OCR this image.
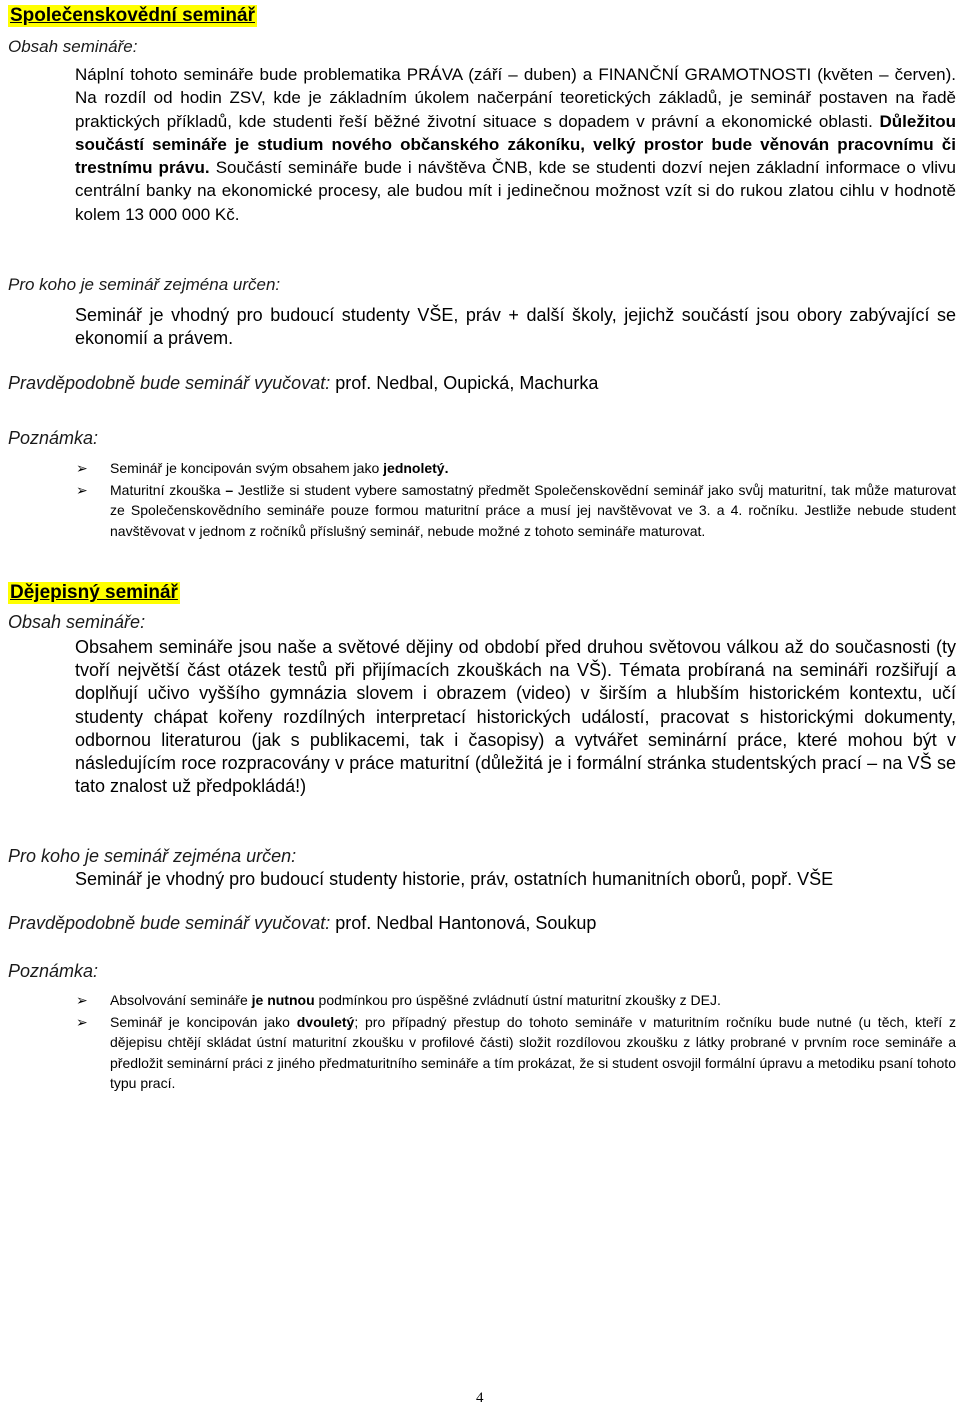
Společenskovědní seminář
Obsah semináře:
Náplní tohoto semináře bude problematika PRÁVA (září – duben) a FINANČNÍ GRAMOTNOSTI (květen – červen). Na rozdíl od hodin ZSV, kde je základním úkolem načerpání teoretických základů, je seminář postaven na řadě praktických příkladů, kde studenti řeší běžné životní situace s dopadem v právní a ekonomické oblasti. Důležitou součástí semináře je studium nového občanského zákoníku, velký prostor bude věnován pracovnímu či trestnímu právu. Součástí semináře bude i návštěva ČNB, kde se studenti dozví nejen základní informace o vlivu centrální banky na ekonomické procesy, ale budou mít i jedinečnou možnost vzít si do rukou zlatou cihlu v hodnotě kolem 13 000 000 Kč.
Pro koho je seminář zejména určen:
Seminář je vhodný pro budoucí studenty VŠE, práv + další školy, jejichž součástí jsou obory zabývající se ekonomií a právem.
Pravděpodobně bude seminář vyučovat: prof. Nedbal, Oupická, Machurka
Poznámka:
➢ Seminář je koncipován svým obsahem jako jednoletý.
➢ Maturitní zkouška – Jestliže si student vybere samostatný předmět Společenskovědní seminář jako svůj maturitní, tak může maturovat ze Společenskovědního semináře pouze formou maturitní práce a musí jej navštěvovat ve 3. a 4. ročníku. Jestliže nebude student navštěvovat v jednom z ročníků příslušný seminář, nebude možné z tohoto semináře maturovat.
Dějepisný seminář
Obsah semináře:
Obsahem semináře jsou naše a světové dějiny od období před druhou světovou válkou až do současnosti (ty tvoří největší část otázek testů při přijímacích zkouškách na VŠ). Témata probíraná na semináři rozšiřují a doplňují učivo vyššího gymnázia slovem i obrazem (video) v širším a hlubším historickém kontextu, učí studenty chápat kořeny rozdílných interpretací historických událostí, pracovat s historickými dokumenty, odbornou literaturou (jak s publikacemi, tak i časopisy) a vytvářet seminární práce, které mohou být v následujícím roce rozpracovány v práce maturitní (důležitá je i formální stránka studentských prací – na VŠ se tato znalost už předpokládá!)
Pro koho je seminář zejména určen:
Seminář je vhodný pro budoucí studenty historie, práv, ostatních humanitních oborů, popř. VŠE
Pravděpodobně bude seminář vyučovat: prof. Nedbal Hantonová, Soukup
Poznámka:
➢ Absolvování semináře je nutnou podmínkou pro úspěšné zvládnutí ústní maturitní zkoušky z DEJ.
➢ Seminář je koncipován jako dvouletý; pro případný přestup do tohoto semináře v maturitním ročníku bude nutné (u těch, kteří z dějepisu chtějí skládat ústní maturitní zkoušku v profilové části) složit rozdílovou zkoušku z látky probrané v prvním roce semináře a předložit seminární práci z jiného předmaturitního semináře a tím prokázat, že si student osvojil formální úpravu a metodiku psaní tohoto typu prací.
4
